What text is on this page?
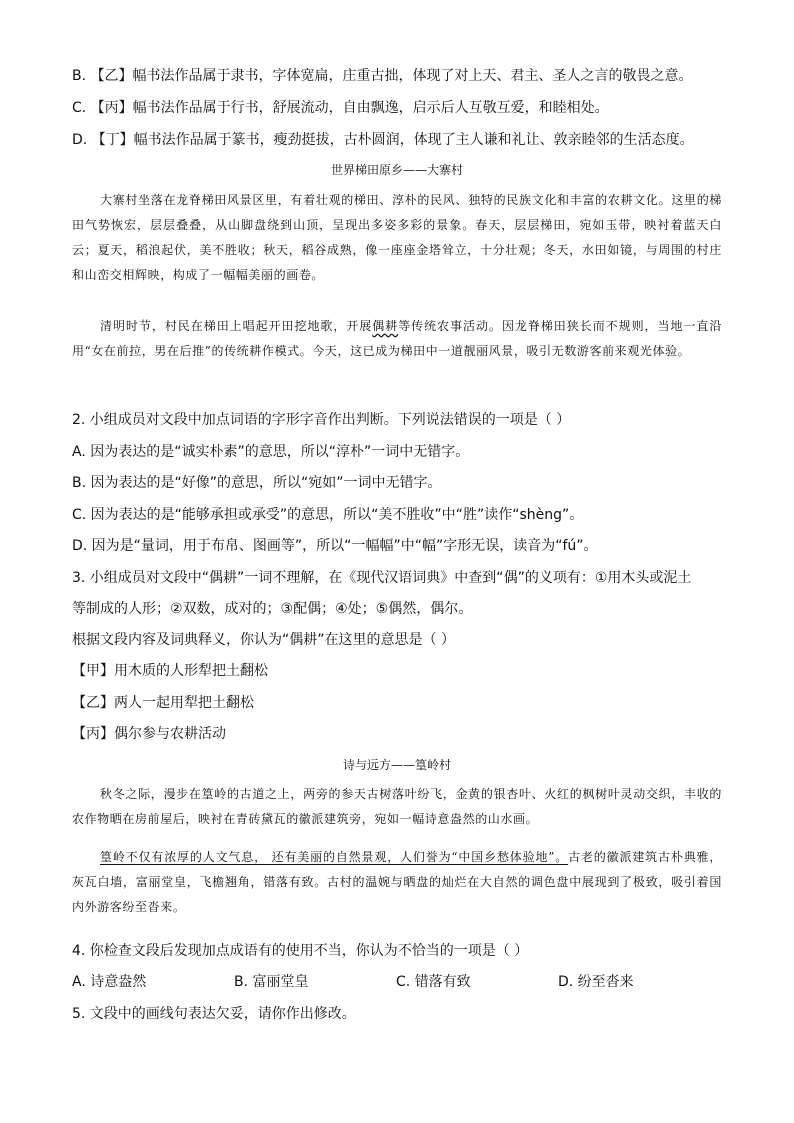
B. 【乙】幅书法作品属于隶书，字体宽扁，庄重古拙，体现了对上天、君主、圣人之言的敬畏之意。
C. 【丙】幅书法作品属于行书，舒展流动，自由飘逸，启示后人互敬互爱，和睦相处。
D. 【丁】幅书法作品属于篆书，瘦劲挺拔，古朴圆润，体现了主人谦和礼让、敦亲睦邻的生活态度。
世界梯田原乡——大寨村
大寨村坐落在龙脊梯田风景区里，有着壮观的梯田、淳朴的民风、独特的民族文化和丰富的农耕文化。这里的梯田气势恢宏，层层叠叠，从山脚盘绕到山顶，呈现出多姿多彩的景象。春天，层层梯田，宛如玉带，映衬着蓝天白云；夏天，稻浪起伏，美不胜收；秋天，稻谷成熟，像一座座金塔耸立，十分壮观；冬天，水田如镜，与周围的村庄和山峦交相辉映，构成了一幅幅美丽的画卷。
清明时节，村民在梯田上唱起开田挖地歌，开展偶耕等传统农事活动。因龙脊梯田狭长而不规则，当地一直沿用“女在前拉，男在后推”的传统耕作模式。今天，这已成为梯田中一道靓丽风景，吸引无数游客前来观光体验。
2. 小组成员对文段中加点词语的字形字音作出判断。下列说法错误的一项是（ ）
A. 因为表达的是“诚实朴素”的意思，所以“淳朴”一词中无错字。
B. 因为表达的是“好像”的意思，所以“宛如”一词中无错字。
C. 因为表达的是“能够承担或承受”的意思，所以“美不胜收”中“胜”读作“shèng”。
D. 因为是“量词，用于布帛、图画等”，所以“一幅幅”中“幅”字形无误，读音为“fú”。
3. 小组成员对文段中“偶耕”一词不理解，在《现代汉语词典》中查到“偶”的义项有：①用木头或泥土
等制成的人形；②双数，成对的；③配偶；④处；⑤偶然，偶尔。
根据文段内容及词典释义，你认为“偶耕”在这里的意思是（ ）
【甲】用木质的人形犁把土翻松
【乙】两人一起用犁把土翻松
【丙】偶尔参与农耕活动
诗与远方——篁岭村
秋冬之际，漫步在篁岭的古道之上，两旁的参天古树落叶纷飞，金黄的银杏叶、火红的枫树叶灵动交织，丰收的农作物晒在房前屋后，映衬在青砖黛瓦的徽派建筑旁，宛如一幅诗意盎然的山水画。
篁岭不仅有浓厚的人文气息， 还有美丽的自然景观，人们誉为“中国乡愁体验地”。古老的徽派建筑古朴典雅，灰瓦白墙，富丽堂皇，飞檐翘角，错落有致。古村的温婉与晒盘的灿烂在大自然的调色盘中展现到了极致，吸引着国内外游客纷至沓来。
4. 你检查文段后发现加点成语有的使用不当，你认为不恰当的一项是（ ）
A. 诗意盎然	B. 富丽堂皇	C. 错落有致	D. 纷至沓来
5. 文段中的画线句表达欠妥，请你作出修改。
